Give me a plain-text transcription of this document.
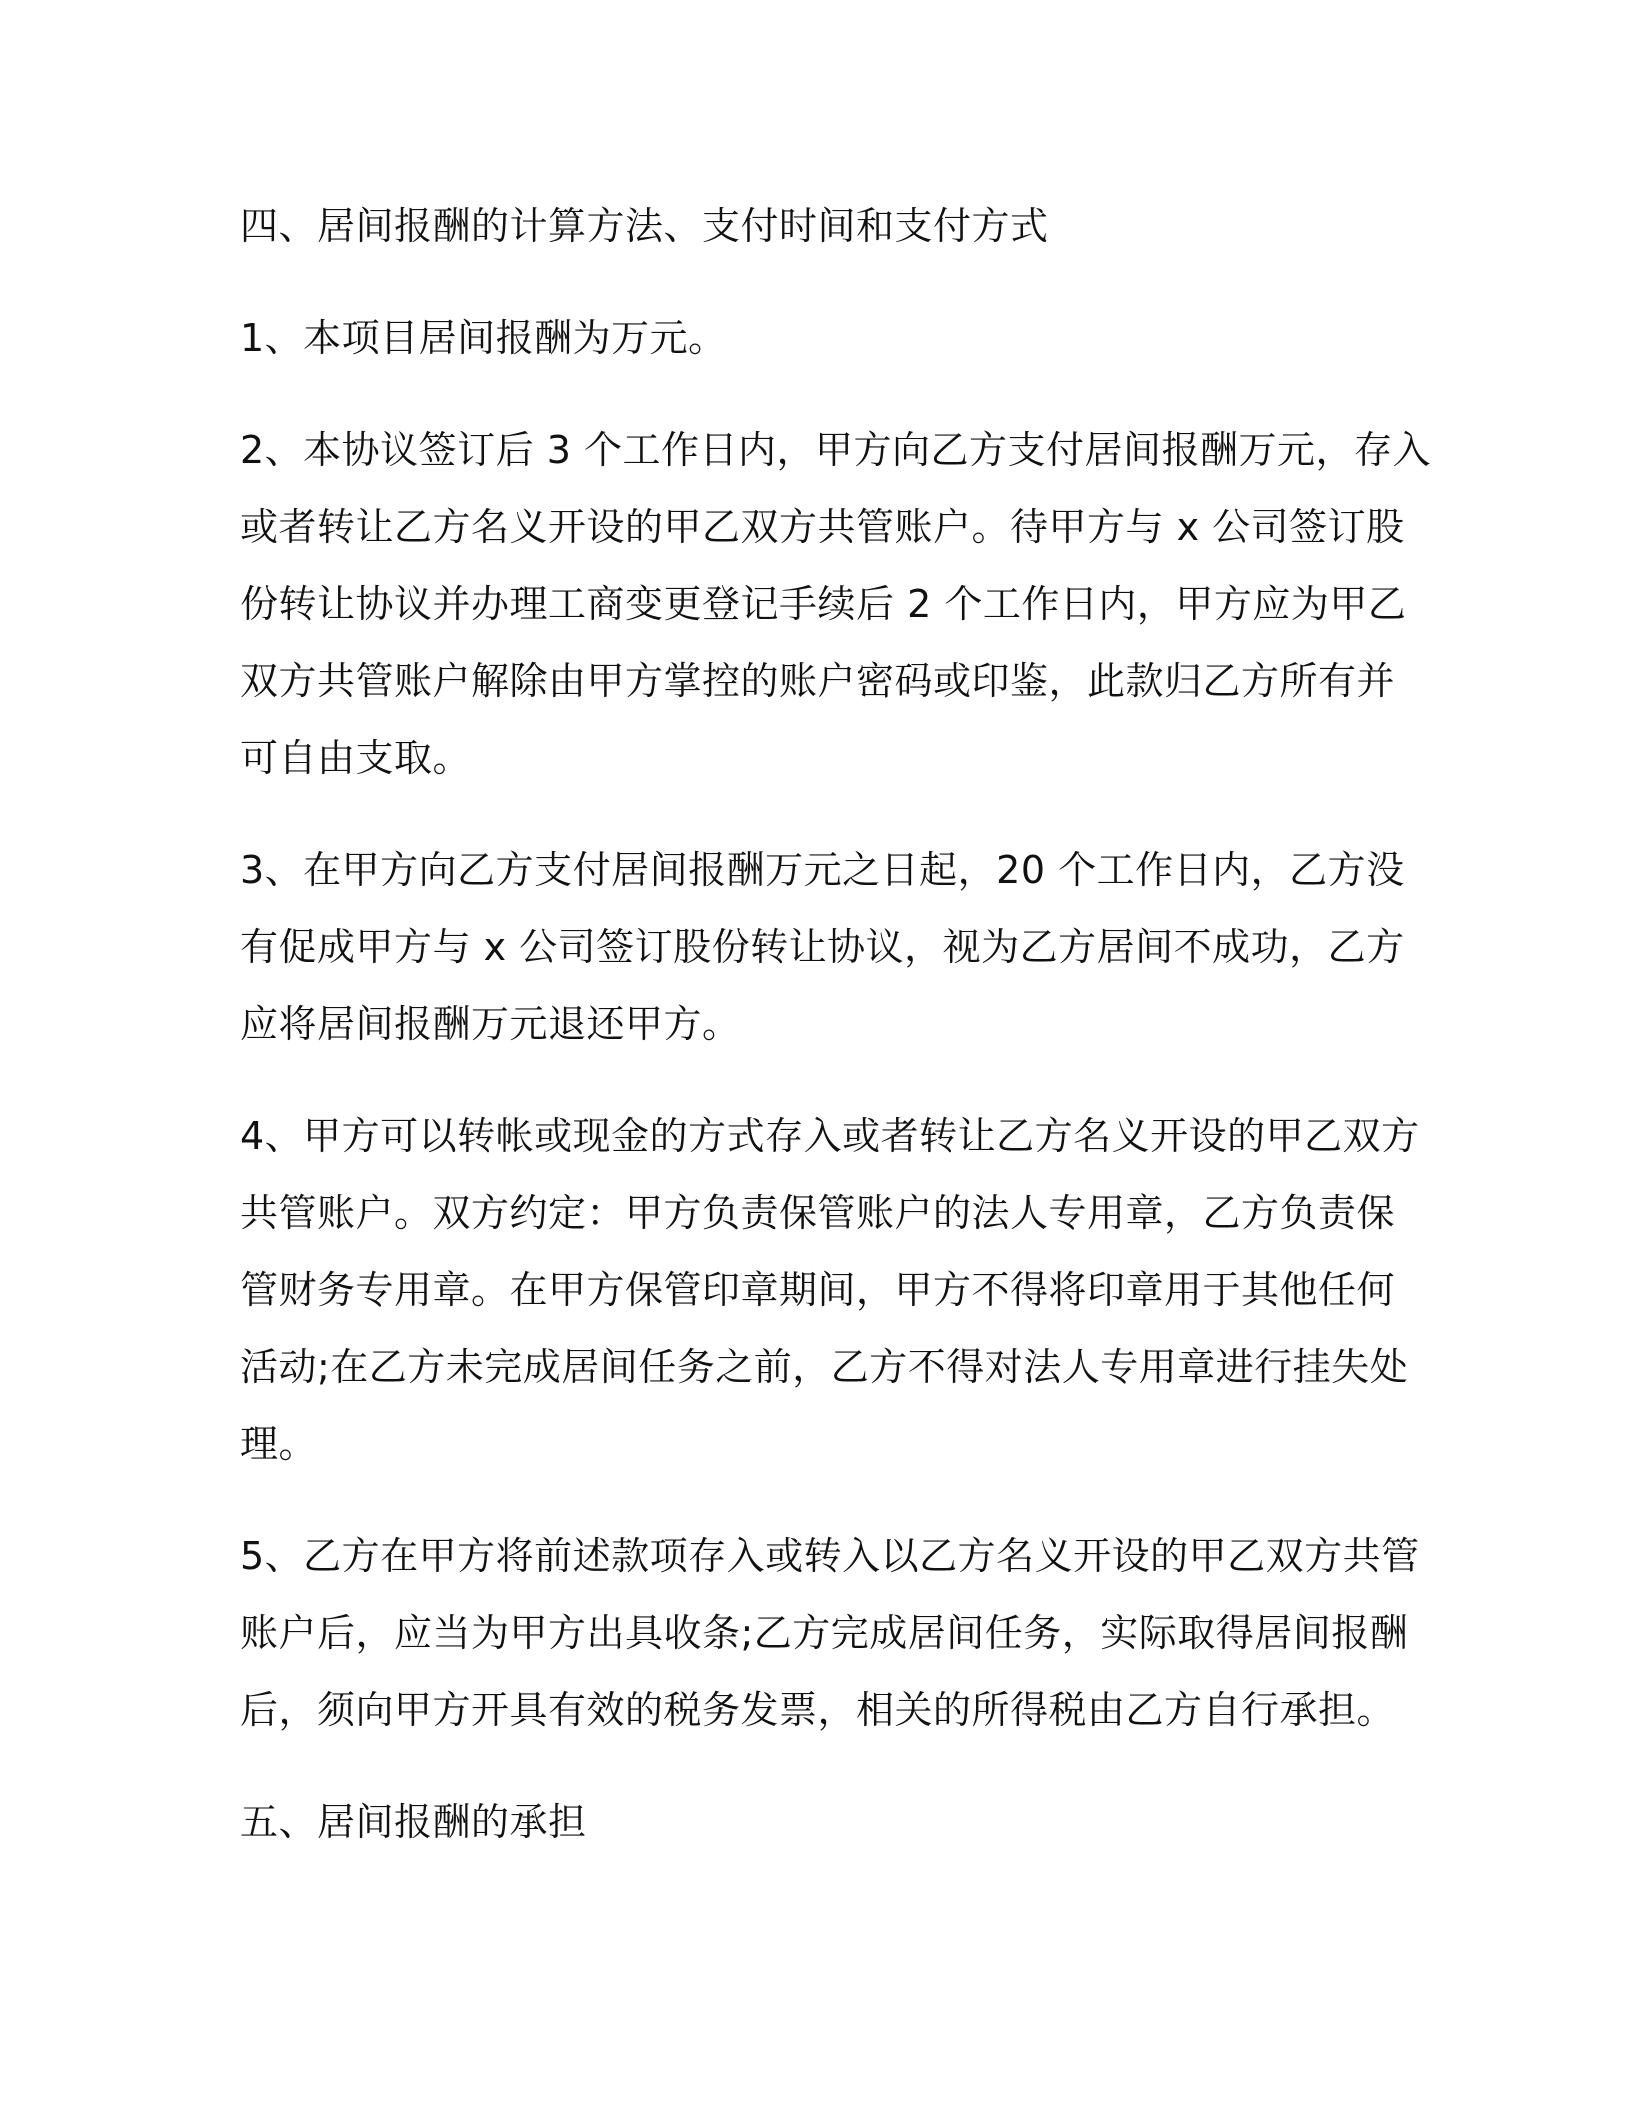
四、居间报酬的计算方法、支付时间和支付方式
1、本项目居间报酬为万元。
2、本协议签订后 3 个工作日内，甲方向乙方支付居间报酬万元，存入
或者转让乙方名义开设的甲乙双方共管账户。待甲方与 x 公司签订股
份转让协议并办理工商变更登记手续后 2 个工作日内，甲方应为甲乙
双方共管账户解除由甲方掌控的账户密码或印鉴，此款归乙方所有并
可自由支取。
3、在甲方向乙方支付居间报酬万元之日起，20 个工作日内，乙方没
有促成甲方与 x 公司签订股份转让协议，视为乙方居间不成功，乙方
应将居间报酬万元退还甲方。
4、甲方可以转帐或现金的方式存入或者转让乙方名义开设的甲乙双方
共管账户。双方约定：甲方负责保管账户的法人专用章，乙方负责保
管财务专用章。在甲方保管印章期间，甲方不得将印章用于其他任何
活动;在乙方未完成居间任务之前，乙方不得对法人专用章进行挂失处
理。
5、乙方在甲方将前述款项存入或转入以乙方名义开设的甲乙双方共管
账户后，应当为甲方出具收条;乙方完成居间任务，实际取得居间报酬
后，须向甲方开具有效的税务发票，相关的所得税由乙方自行承担。
五、居间报酬的承担
